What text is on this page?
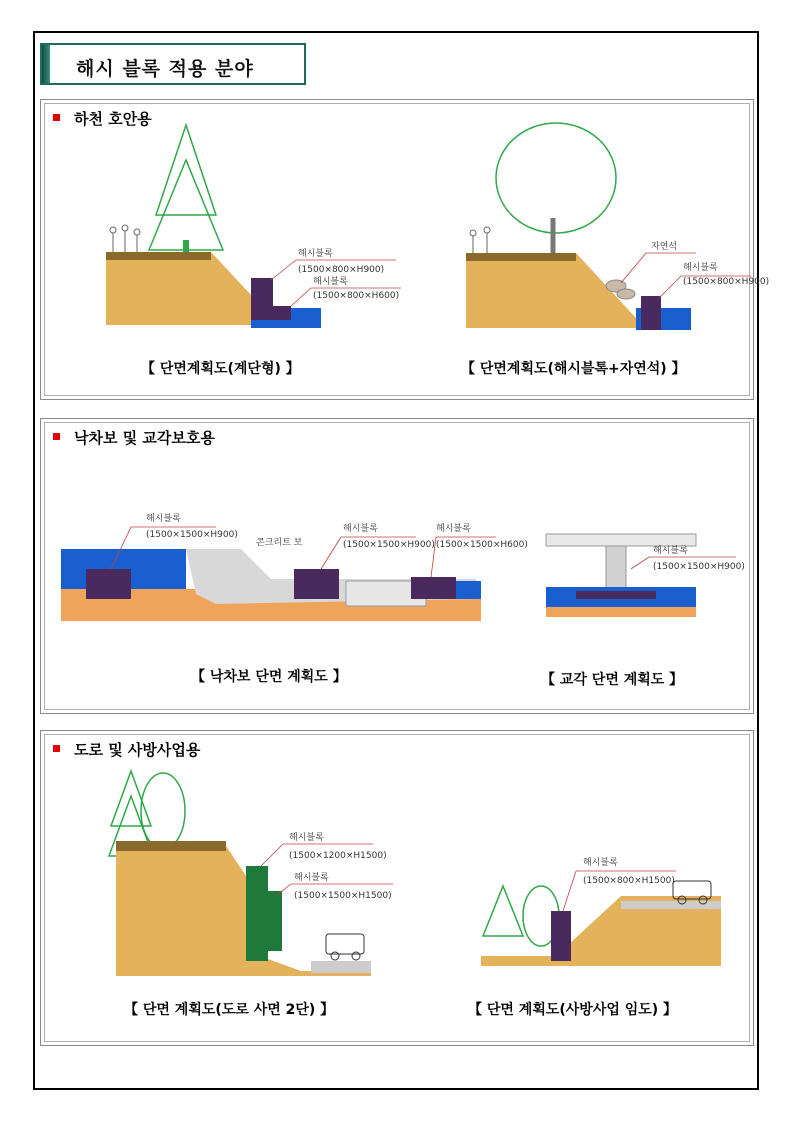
해시 블록 적용 분야
하천 호안용
해시블록
(1500×800×H900)
해시블록
(1500×800×H600)
【 단면계획도(계단형) 】
자연석
해시블록
(1500×800×H900)
【 단면계획도(해시블톡+자연석) 】
낙차보 및 교각보호용
해시블록
(1500×1500×H900)
콘크리트 보
해시블록
(1500×1500×H900)
해시블록
(1500×1500×H600)
【 낙차보 단면 계획도 】
해시블록
(1500×1500×H900)
【 교각 단면 계획도 】
도로 및 사방사업용
해시블록
(1500×1200×H1500)
해시블록
(1500×1500×H1500)
【 단면 계획도(도로 사면 2단) 】
해시블록
(1500×800×H1500)
【 단면 계획도(사방사업 임도) 】
